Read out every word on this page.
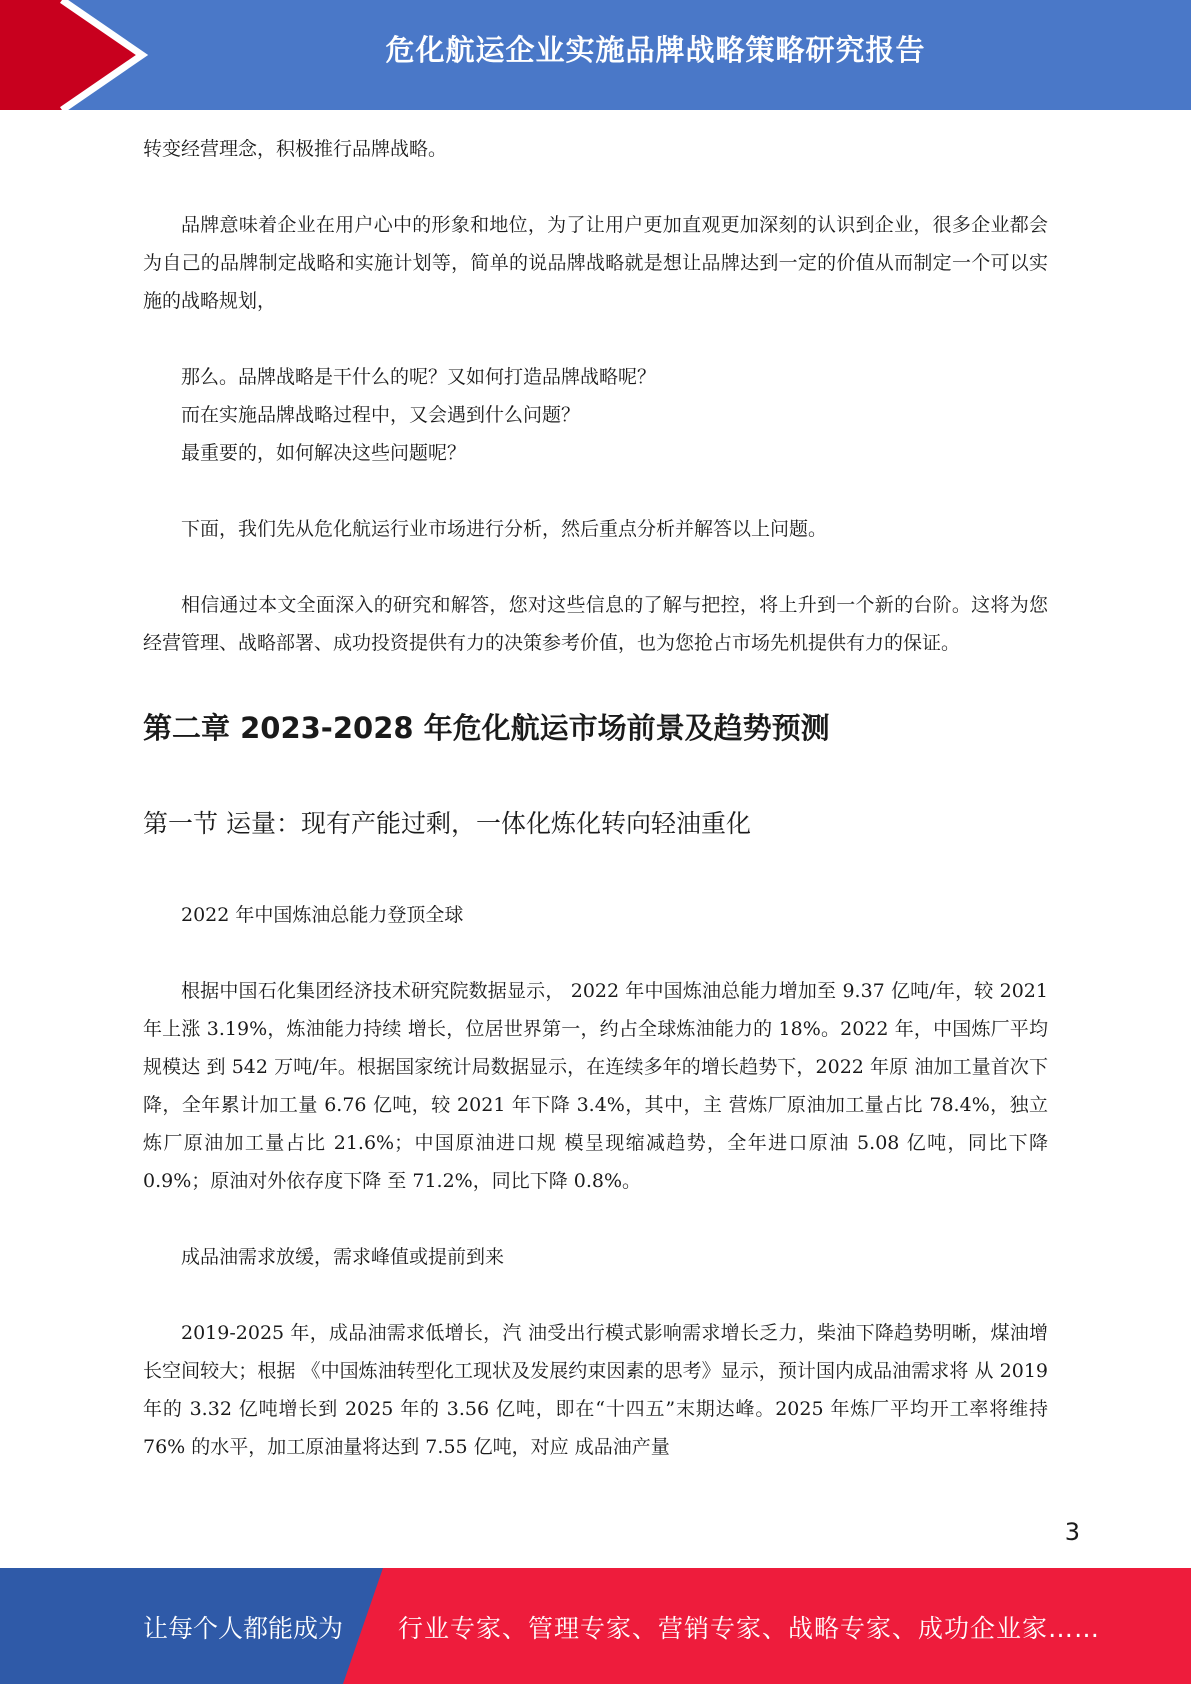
危化航运企业实施品牌战略策略研究报告

转变经营理念，积极推行品牌战略。

品牌意味着企业在用户心中的形象和地位，为了让用户更加直观更加深刻的认识到企业，很多企业都会为自己的品牌制定战略和实施计划等，简单的说品牌战略就是想让品牌达到一定的价值从而制定一个可以实施的战略规划，

那么。品牌战略是干什么的呢？又如何打造品牌战略呢？

而在实施品牌战略过程中，又会遇到什么问题？

最重要的，如何解决这些问题呢？

下面，我们先从危化航运行业市场进行分析，然后重点分析并解答以上问题。

相信通过本文全面深入的研究和解答，您对这些信息的了解与把控，将上升到一个新的台阶。这将为您经营管理、战略部署、成功投资提供有力的决策参考价值，也为您抢占市场先机提供有力的保证。

第二章 2023-2028 年危化航运市场前景及趋势预测
第一节 运量：现有产能过剩，一体化炼化转向轻油重化

2022 年中国炼油总能力登顶全球

根据中国石化集团经济技术研究院数据显示， 2022 年中国炼油总能力增加至 9.37 亿吨/年，较 2021 年上涨 3.19%，炼油能力持续 增长，位居世界第一，约占全球炼油能力的 18%。2022 年，中国炼厂平均规模达 到 542 万吨/年。根据国家统计局数据显示，在连续多年的增长趋势下，2022 年原 油加工量首次下降，全年累计加工量 6.76 亿吨，较 2021 年下降 3.4%，其中，主 营炼厂原油加工量占比 78.4%，独立炼厂原油加工量占比 21.6%；中国原油进口规 模呈现缩减趋势，全年进口原油 5.08 亿吨，同比下降 0.9%；原油对外依存度下降 至 71.2%，同比下降 0.8%。

成品油需求放缓，需求峰值或提前到来

2019-2025 年，成品油需求低增长，汽 油受出行模式影响需求增长乏力，柴油下降趋势明晰，煤油增长空间较大；根据 《中国炼油转型化工现状及发展约束因素的思考》显示，预计国内成品油需求将 从 2019 年的 3.32 亿吨增长到 2025 年的 3.56 亿吨，即在“十四五”末期达峰。2025 年炼厂平均开工率将维持 76% 的水平，加工原油量将达到 7.55 亿吨，对应 成品油产量

3
让每个人都能成为 行业专家、管理专家、营销专家、战略专家、成功企业家……
